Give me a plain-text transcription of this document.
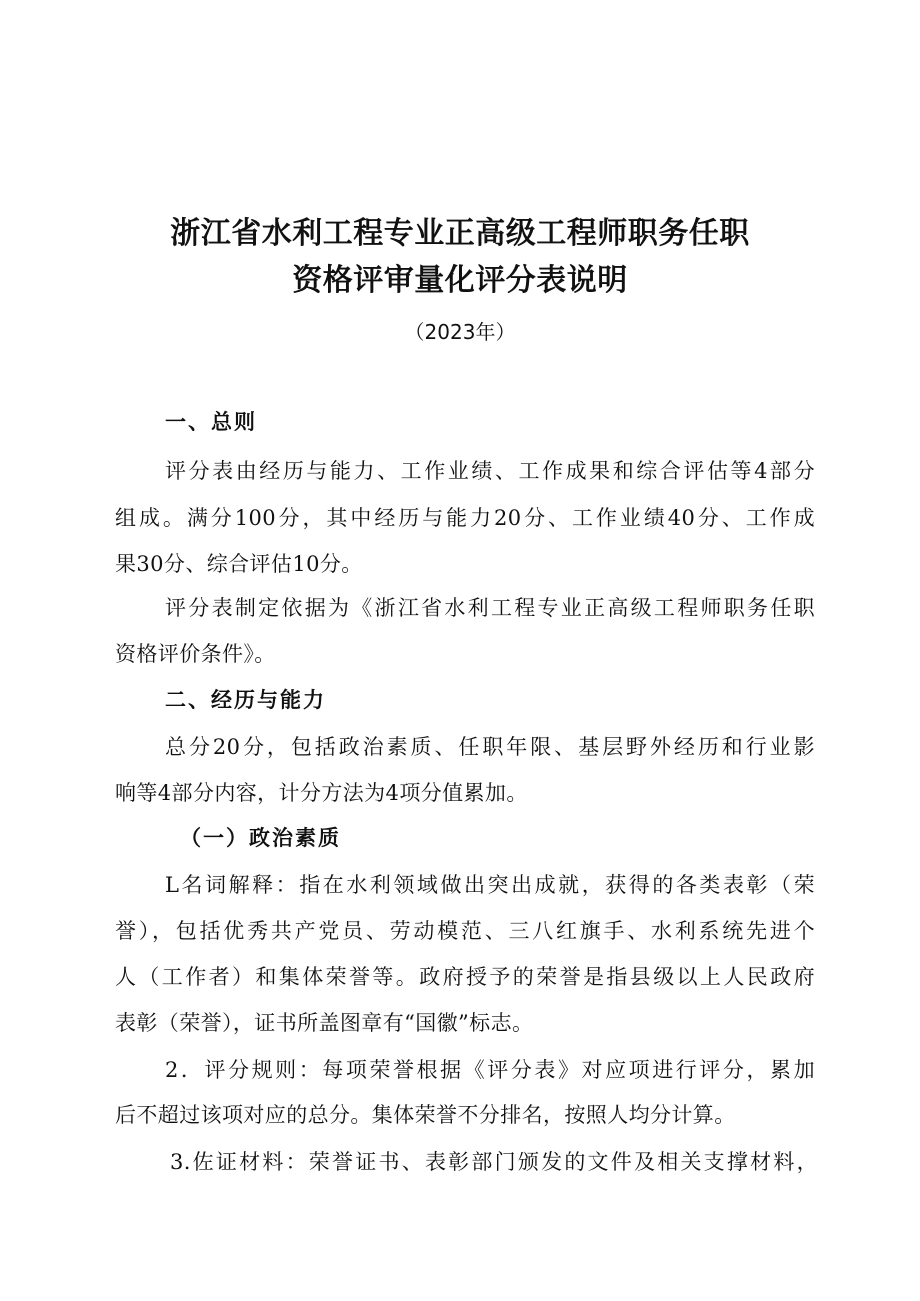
浙江省水利工程专业正高级工程师职务任职
资格评审量化评分表说明
（2023年）
一、总则
评分表由经历与能力、工作业绩、工作成果和综合评估等4部分
组成。满分100分，其中经历与能力20分、工作业绩40分、工作成
果30分、综合评估10分。
评分表制定依据为《浙江省水利工程专业正高级工程师职务任职
资格评价条件》。
二、经历与能力
总分20分，包括政治素质、任职年限、基层野外经历和行业影
响等4部分内容，计分方法为4项分值累加。
（一）政治素质
L名词解释：指在水利领域做出突出成就，获得的各类表彰（荣
誉），包括优秀共产党员、劳动模范、三八红旗手、水利系统先进个
人（工作者）和集体荣誉等。政府授予的荣誉是指县级以上人民政府
表彰（荣誉），证书所盖图章有“国徽”标志。
2．评分规则：每项荣誉根据《评分表》对应项进行评分，累加
后不超过该项对应的总分。集体荣誉不分排名，按照人均分计算。
3.佐证材料：荣誉证书、表彰部门颁发的文件及相关支撑材料，
